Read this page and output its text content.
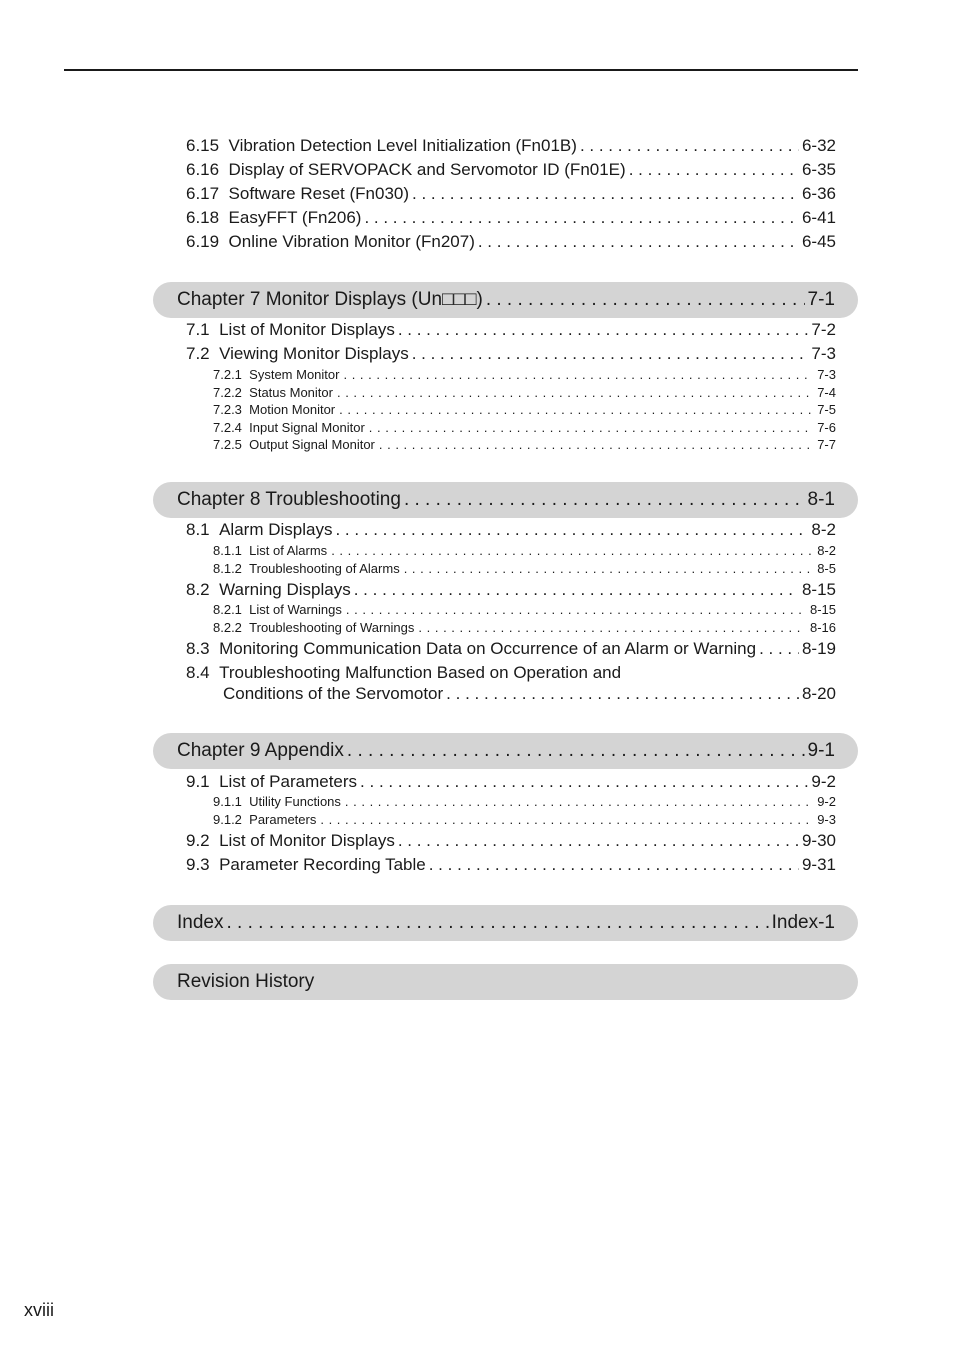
6.15 Vibration Detection Level Initialization (Fn01B) . . .	6-32
6.16 Display of SERVOPACK and Servomotor ID (Fn01E) . . .	6-35
6.17 Software Reset (Fn030) . . .	6-36
6.18 EasyFFT (Fn206) . . .	6-41
6.19 Online Vibration Monitor (Fn207) . . .	6-45
Chapter 7 Monitor Displays (Un□□□) . . .	7-1
7.1 List of Monitor Displays . . .	7-2
7.2 Viewing Monitor Displays . . .	7-3
7.2.1 System Monitor . . .	7-3
7.2.2 Status Monitor . . .	7-4
7.2.3 Motion Monitor . . .	7-5
7.2.4 Input Signal Monitor . . .	7-6
7.2.5 Output Signal Monitor . . .	7-7
Chapter 8 Troubleshooting . . .	8-1
8.1 Alarm Displays . . .	8-2
8.1.1 List of Alarms . . .	8-2
8.1.2 Troubleshooting of Alarms . . .	8-5
8.2 Warning Displays . . .	8-15
8.2.1 List of Warnings . . .	8-15
8.2.2 Troubleshooting of Warnings . . .	8-16
8.3 Monitoring Communication Data on Occurrence of an Alarm or Warning . . .	8-19
8.4 Troubleshooting Malfunction Based on Operation and
Conditions of the Servomotor . . .	8-20
Chapter 9 Appendix . . .	9-1
9.1 List of Parameters . . .	9-2
9.1.1 Utility Functions . . .	9-2
9.1.2 Parameters . . .	9-3
9.2 List of Monitor Displays . . .	9-30
9.3 Parameter Recording Table . . .	9-31
Index . . .	Index-1
Revision History
xviii
